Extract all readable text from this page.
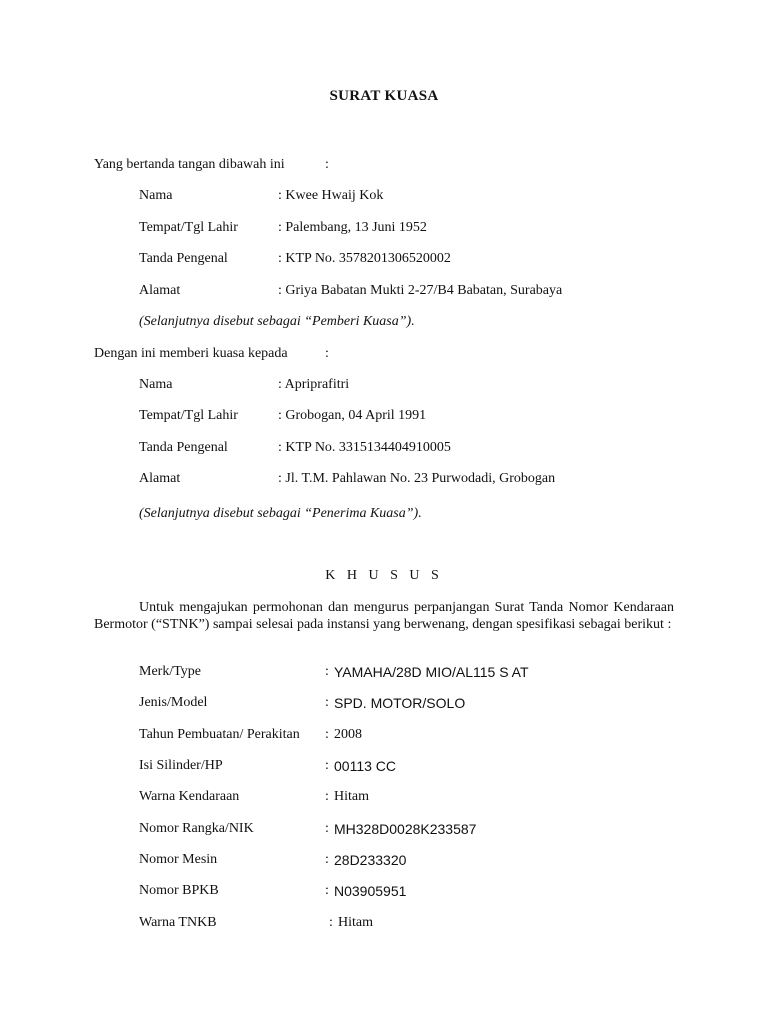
SURAT KUASA
Yang bertanda tangan dibawah ini	:
Nama	: Kwee Hwaij Kok
Tempat/Tgl Lahir	: Palembang, 13 Juni 1952
Tanda Pengenal	: KTP No. 3578201306520002
Alamat	: Griya Babatan Mukti 2-27/B4 Babatan, Surabaya
(Selanjutnya disebut sebagai “Pemberi Kuasa”).
Dengan ini memberi kuasa kepada	:
Nama	: Apriprafitri
Tempat/Tgl Lahir	: Grobogan, 04 April 1991
Tanda Pengenal	: KTP No. 3315134404910005
Alamat	: Jl. T.M. Pahlawan No. 23 Purwodadi, Grobogan
(Selanjutnya disebut sebagai “Penerima Kuasa”).
K H U S U S
Untuk mengajukan permohonan dan mengurus perpanjangan Surat Tanda Nomor Kendaraan Bermotor (“STNK”) sampai selesai pada instansi yang berwenang, dengan spesifikasi sebagai berikut :
Merk/Type	: YAMAHA/28D MIO/AL115 S AT
Jenis/Model	: SPD. MOTOR/SOLO
Tahun Pembuatan/ Perakitan : 2008
Isi Silinder/HP	: 00113 CC
Warna Kendaraan	: Hitam
Nomor Rangka/NIK	: MH328D0028K233587
Nomor Mesin	: 28D233320
Nomor BPKB	: N03905951
Warna TNKB	: Hitam
